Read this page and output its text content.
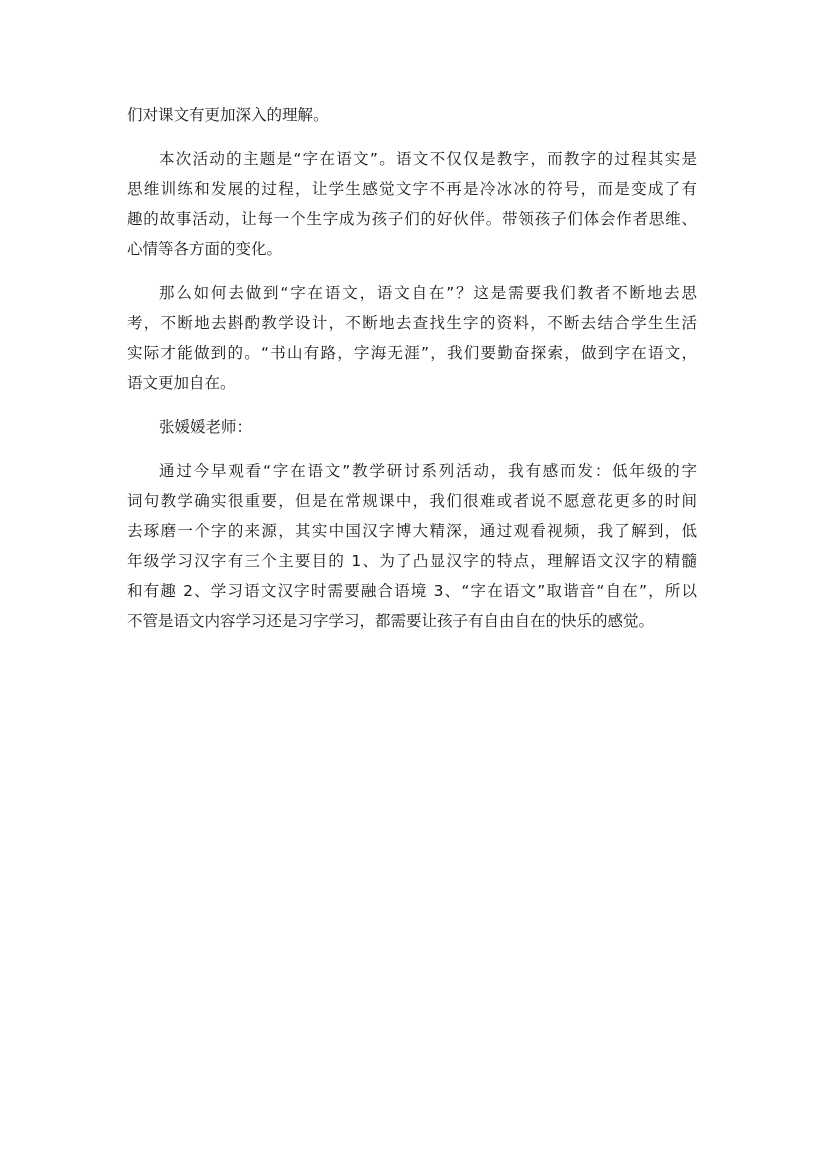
们对课文有更加深入的理解。
本次活动的主题是“字在语文”。语文不仅仅是教字，而教字的过程其实是
思维训练和发展的过程，让学生感觉文字不再是冷冰冰的符号，而是变成了有
趣的故事活动，让每一个生字成为孩子们的好伙伴。带领孩子们体会作者思维、
心情等各方面的变化。
那么如何去做到“字在语文，语文自在”？这是需要我们教者不断地去思
考，不断地去斟酌教学设计，不断地去查找生字的资料，不断去结合学生生活
实际才能做到的。“书山有路，字海无涯”，我们要勤奋探索，做到字在语文，
语文更加自在。
张媛媛老师：
通过今早观看“字在语文”教学研讨系列活动，我有感而发：低年级的字
词句教学确实很重要，但是在常规课中，我们很难或者说不愿意花更多的时间
去琢磨一个字的来源，其实中国汉字博大精深，通过观看视频，我了解到，低
年级学习汉字有三个主要目的 1、为了凸显汉字的特点，理解语文汉字的精髓
和有趣 2、学习语文汉字时需要融合语境 3、“字在语文”取谐音“自在”，所以
不管是语文内容学习还是习字学习，都需要让孩子有自由自在的快乐的感觉。
